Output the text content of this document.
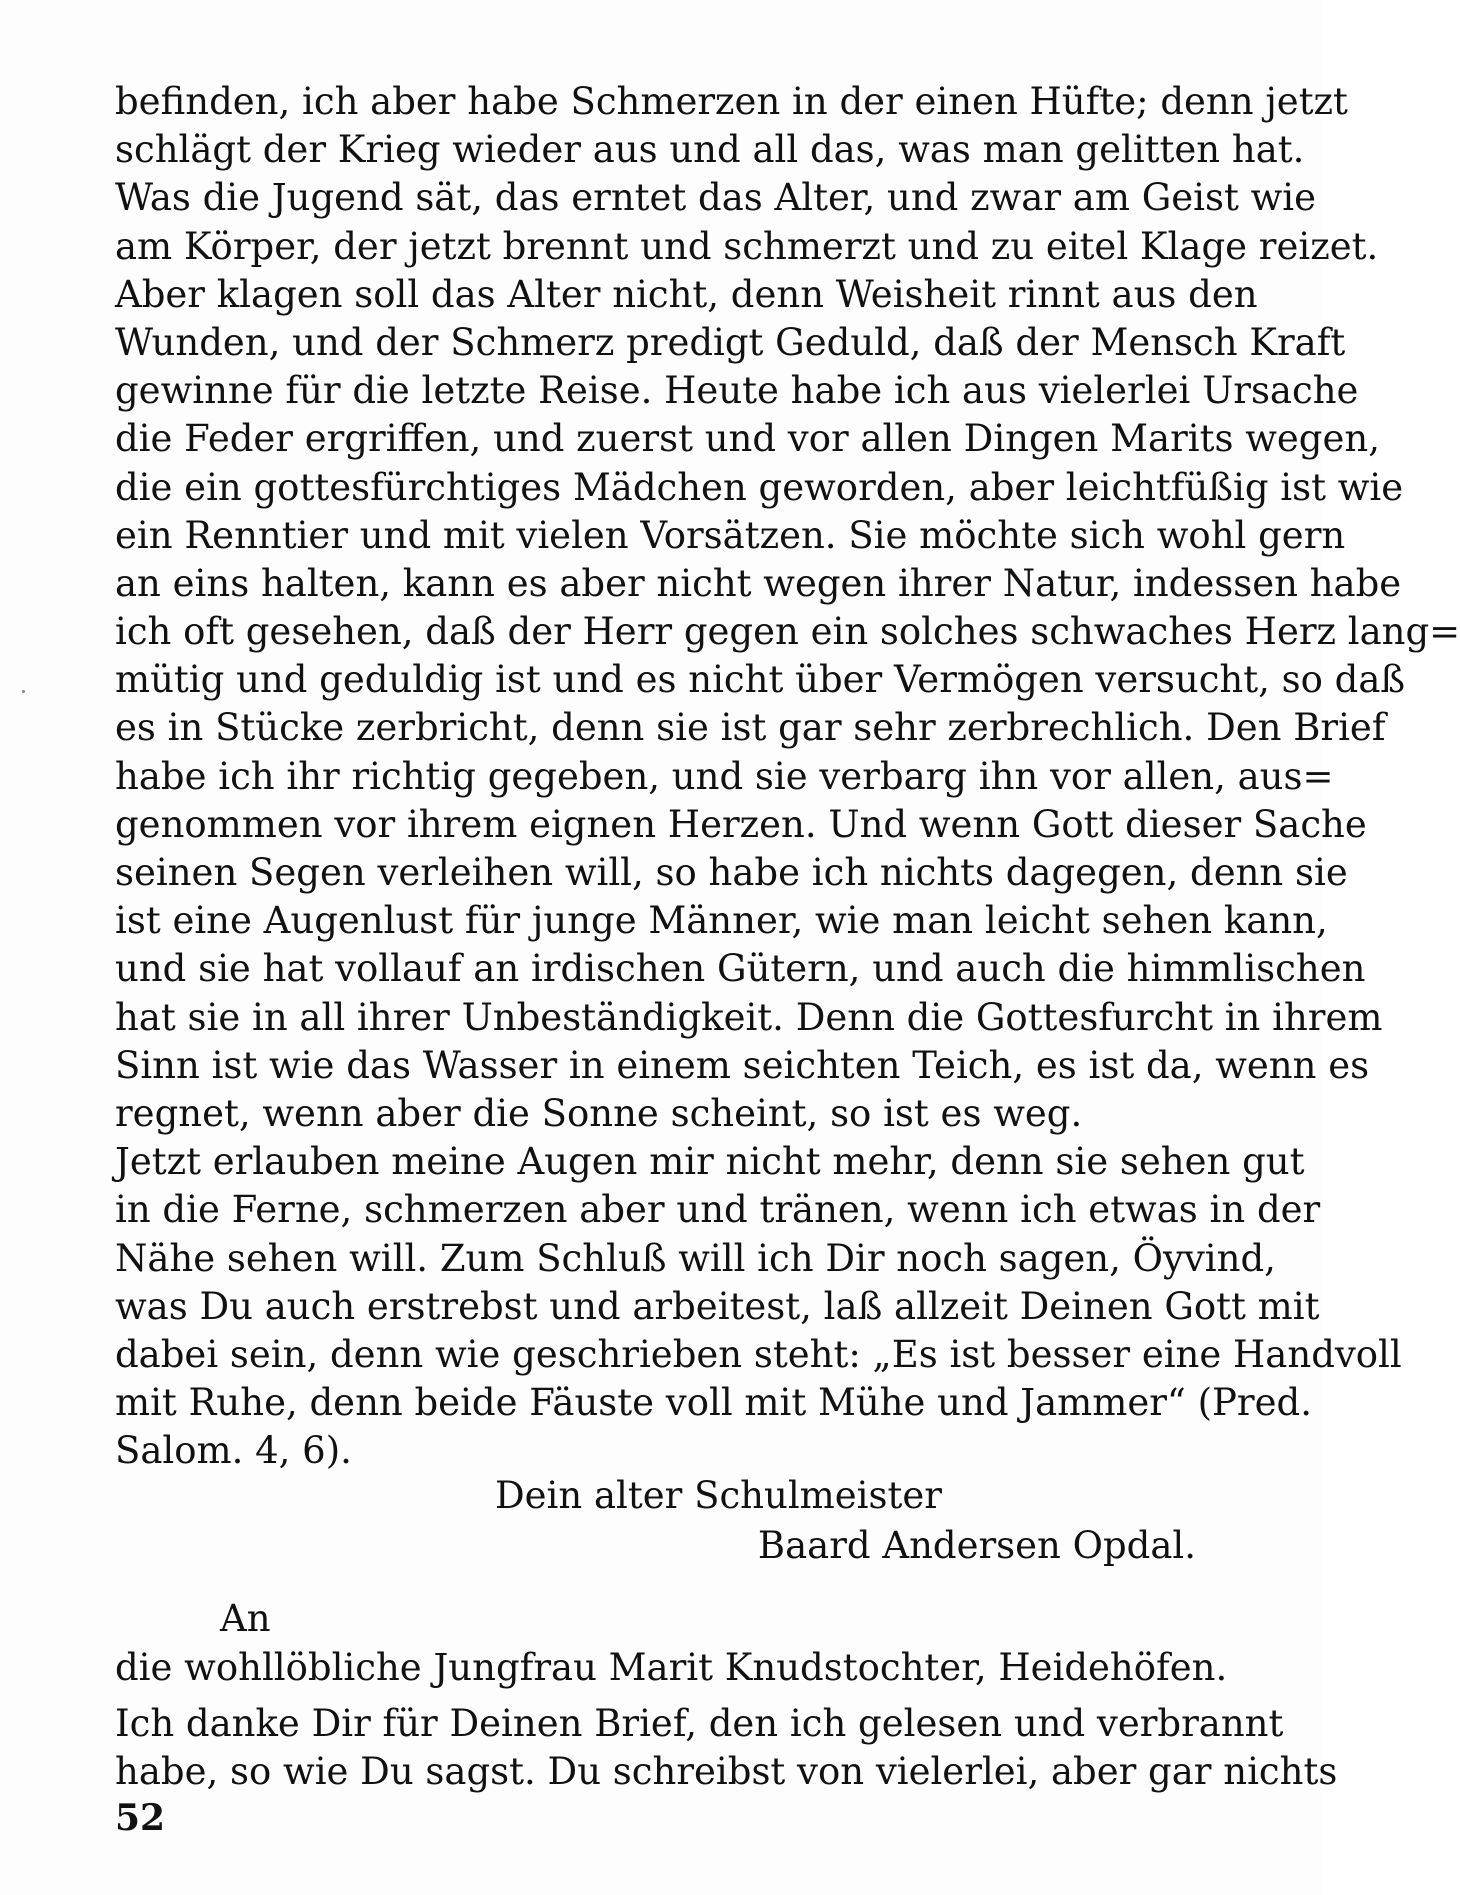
befinden, ich aber habe Schmerzen in der einen Hüfte; denn jetzt
schlägt der Krieg wieder aus und all das, was man gelitten hat.
Was die Jugend sät, das erntet das Alter, und zwar am Geist wie
am Körper, der jetzt brennt und schmerzt und zu eitel Klage reizet.
Aber klagen soll das Alter nicht, denn Weisheit rinnt aus den
Wunden, und der Schmerz predigt Geduld, daß der Mensch Kraft
gewinne für die letzte Reise. Heute habe ich aus vielerlei Ursache
die Feder ergriffen, und zuerst und vor allen Dingen Marits wegen,
die ein gottesfürchtiges Mädchen geworden, aber leichtfüßig ist wie
ein Renntier und mit vielen Vorsätzen. Sie möchte sich wohl gern
an eins halten, kann es aber nicht wegen ihrer Natur, indessen habe
ich oft gesehen, daß der Herr gegen ein solches schwaches Herz lang=
mütig und geduldig ist und es nicht über Vermögen versucht, so daß
es in Stücke zerbricht, denn sie ist gar sehr zerbrechlich. Den Brief
habe ich ihr richtig gegeben, und sie verbarg ihn vor allen, aus=
genommen vor ihrem eignen Herzen. Und wenn Gott dieser Sache
seinen Segen verleihen will, so habe ich nichts dagegen, denn sie
ist eine Augenlust für junge Männer, wie man leicht sehen kann,
und sie hat vollauf an irdischen Gütern, und auch die himmlischen
hat sie in all ihrer Unbeständigkeit. Denn die Gottesfurcht in ihrem
Sinn ist wie das Wasser in einem seichten Teich, es ist da, wenn es
regnet, wenn aber die Sonne scheint, so ist es weg.
Jetzt erlauben meine Augen mir nicht mehr, denn sie sehen gut
in die Ferne, schmerzen aber und tränen, wenn ich etwas in der
Nähe sehen will. Zum Schluß will ich Dir noch sagen, Öyvind,
was Du auch erstrebst und arbeitest, laß allzeit Deinen Gott mit
dabei sein, denn wie geschrieben steht: „Es ist besser eine Handvoll
mit Ruhe, denn beide Fäuste voll mit Mühe und Jammer“ (Pred.
Salom. 4, 6).
Dein alter Schulmeister
Baard Andersen Opdal.
An
die wohllöbliche Jungfrau Marit Knudstochter, Heidehöfen.
Ich danke Dir für Deinen Brief, den ich gelesen und verbrannt
habe, so wie Du sagst. Du schreibst von vielerlei, aber gar nichts
52
